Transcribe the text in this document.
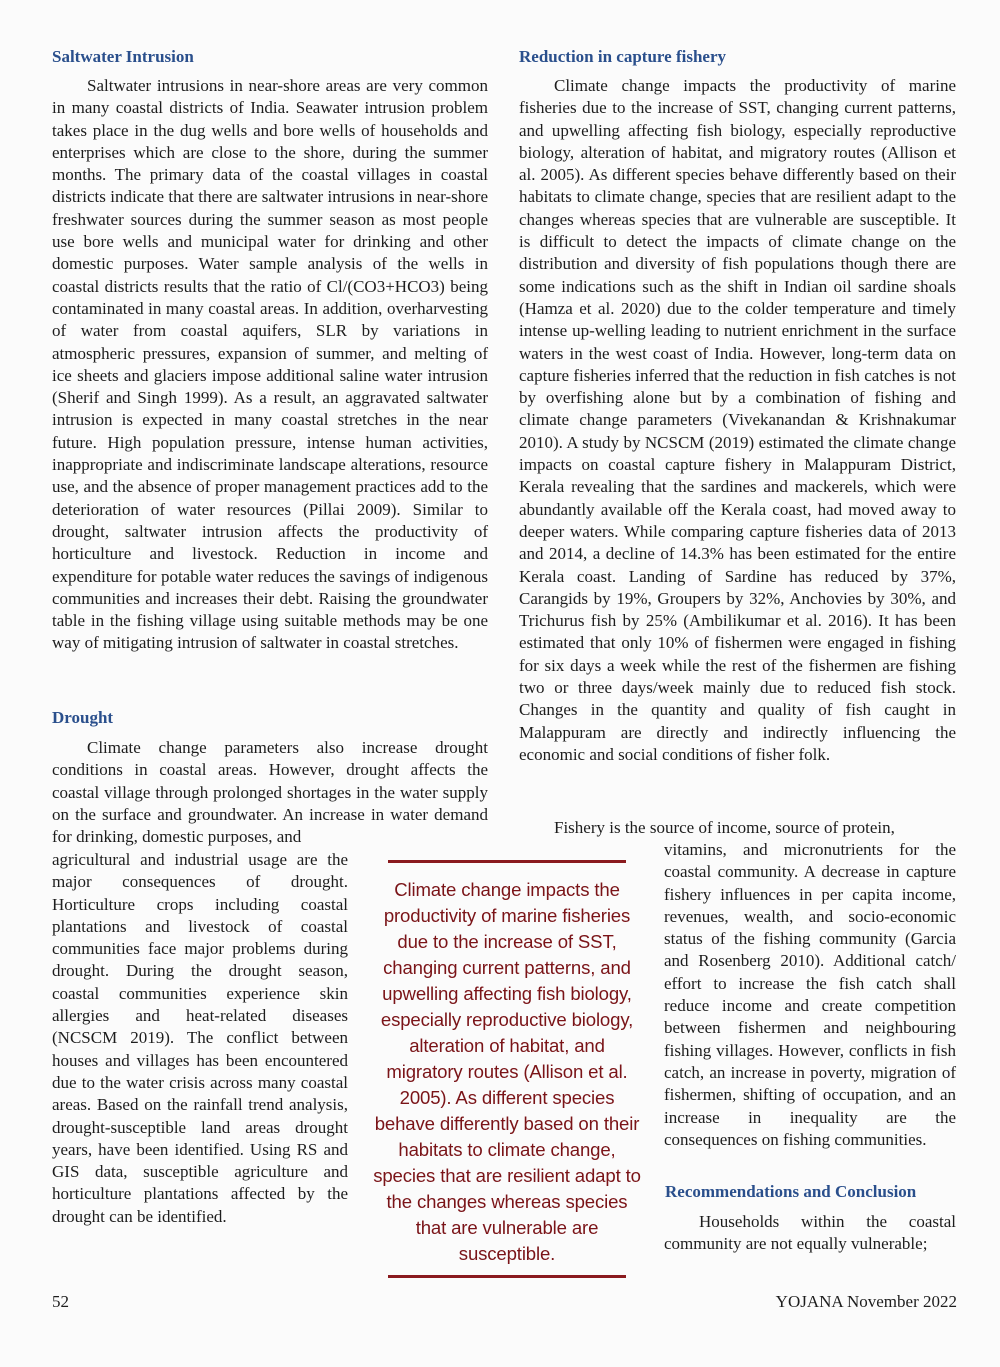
Saltwater Intrusion

Saltwater intrusions in near-shore areas are very common in many coastal districts of India. Seawater intrusion problem takes place in the dug wells and bore wells of households and enterprises which are close to the shore, during the summer months. The primary data of the coastal villages in coastal districts indicate that there are saltwater intrusions in near-shore freshwater sources during the summer season as most people use bore wells and municipal water for drinking and other domestic purposes. Water sample analysis of the wells in coastal districts results that the ratio of Cl/(CO3+HCO3) being contaminated in many coastal areas. In addition, overharvesting of water from coastal aquifers, SLR by variations in atmospheric pressures, expansion of summer, and melting of ice sheets and glaciers impose additional saline water intrusion (Sherif and Singh 1999). As a result, an aggravated saltwater intrusion is expected in many coastal stretches in the near future. High population pressure, intense human activities, inappropriate and indiscriminate landscape alterations, resource use, and the absence of proper management practices add to the deterioration of water resources (Pillai 2009). Similar to drought, saltwater intrusion affects the productivity of horticulture and livestock. Reduction in income and expenditure for potable water reduces the savings of indigenous communities and increases their debt. Raising the groundwater table in the fishing village using suitable methods may be one way of mitigating intrusion of saltwater in coastal stretches.

Drought

Climate change parameters also increase drought conditions in coastal areas. However, drought affects the coastal village through prolonged shortages in the water supply on the surface and groundwater. An increase in water demand for drinking, domestic purposes, and

agricultural and industrial usage are the major consequences of drought. Horticulture crops including coastal plantations and livestock of coastal communities face major problems during drought. During the drought season, coastal communities experience skin allergies and heat-related diseases (NCSCM 2019). The conflict between houses and villages has been encountered due to the water crisis across many coastal areas. Based on the rainfall trend analysis, drought-susceptible land areas drought years, have been identified. Using RS and GIS data, susceptible agriculture and horticulture plantations affected by the drought can be identified.

Reduction in capture fishery

Climate change impacts the productivity of marine fisheries due to the increase of SST, changing current patterns, and upwelling affecting fish biology, especially reproductive biology, alteration of habitat, and migratory routes (Allison et al. 2005). As different species behave differently based on their habitats to climate change, species that are resilient adapt to the changes whereas species that are vulnerable are susceptible. It is difficult to detect the impacts of climate change on the distribution and diversity of fish populations though there are some indications such as the shift in Indian oil sardine shoals (Hamza et al. 2020) due to the colder temperature and timely intense up-welling leading to nutrient enrichment in the surface waters in the west coast of India. However, long-term data on capture fisheries inferred that the reduction in fish catches is not by overfishing alone but by a combination of fishing and climate change parameters (Vivekanandan & Krishnakumar 2010). A study by NCSCM (2019) estimated the climate change impacts on coastal capture fishery in Malappuram District, Kerala revealing that the sardines and mackerels, which were abundantly available off the Kerala coast, had moved away to deeper waters. While comparing capture fisheries data of 2013 and 2014, a decline of 14.3% has been estimated for the entire Kerala coast. Landing of Sardine has reduced by 37%, Carangids by 19%, Groupers by 32%, Anchovies by 30%, and Trichurus fish by 25% (Ambilikumar et al. 2016). It has been estimated that only 10% of fishermen were engaged in fishing for six days a week while the rest of the fishermen are fishing two or three days/week mainly due to reduced fish stock. Changes in the quantity and quality of fish caught in Malappuram are directly and indirectly influencing the economic and social conditions of fisher folk.

Fishery is the source of income, source of protein,

vitamins, and micronutrients for the coastal community. A decrease in capture fishery influences in per capita income, revenues, wealth, and socio-economic status of the fishing community (Garcia and Rosenberg 2010). Additional catch/ effort to increase the fish catch shall reduce income and create competition between fishermen and neighbouring fishing villages. However, conflicts in fish catch, an increase in poverty, migration of fishermen, shifting of occupation, and an increase in inequality are the consequences on fishing communities.

Recommendations and Conclusion

Households within the coastal community are not equally vulnerable;

Climate change impacts the productivity of marine fisheries due to the increase of SST, changing current patterns, and upwelling affecting fish biology, especially reproductive biology, alteration of habitat, and migratory routes (Allison et al. 2005). As different species behave differently based on their habitats to climate change, species that are resilient adapt to the changes whereas species that are vulnerable are susceptible.
52	YOJANA November 2022
